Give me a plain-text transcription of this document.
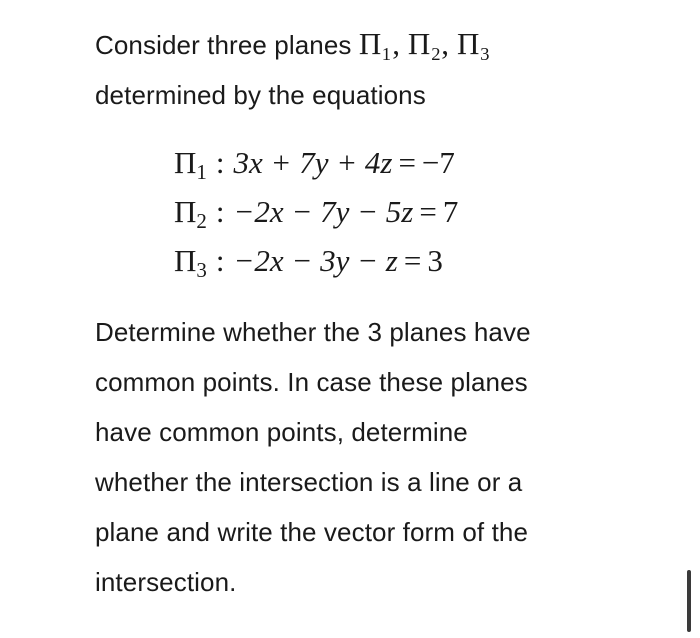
Consider three planes Π₁, Π₂, Π₃
determined by the equations
Π1 : 3x + 7y + 4z = −7
Π2 : −2x − 7y − 5z = 7
Π3 : −2x − 3y − z = 3
Determine whether the 3 planes have
common points. In case these planes
have common points, determine
whether the intersection is a line or a
plane and write the vector form of the
intersection.
